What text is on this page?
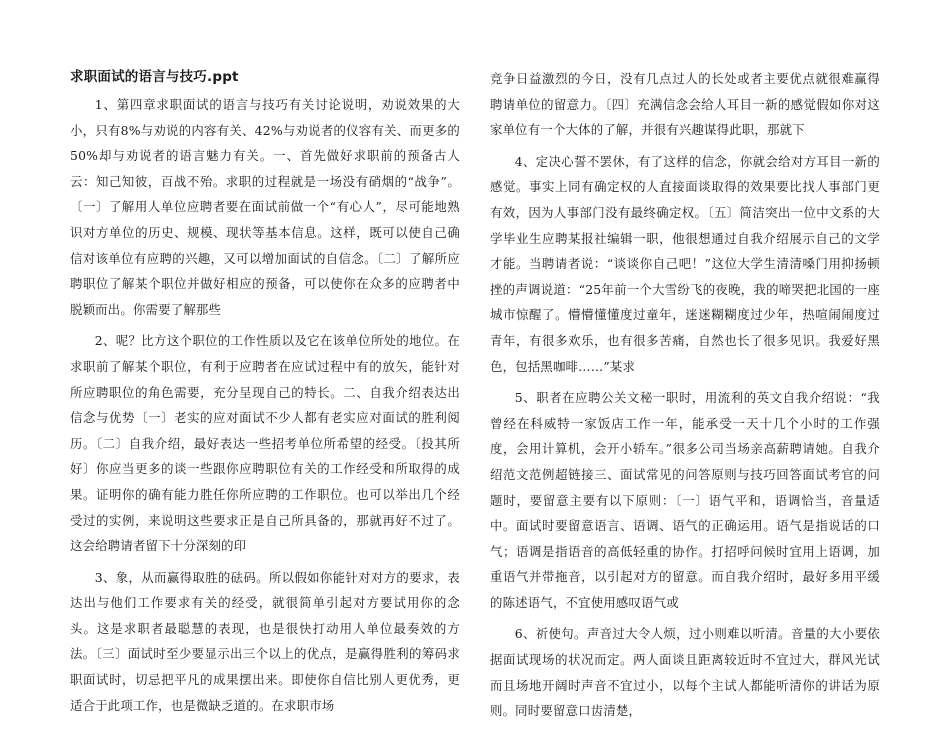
求职面试的语言与技巧.ppt

1、第四章求职面试的语言与技巧有关讨论说明，劝说效果的大小，只有8%与劝说的内容有关、42%与劝说者的仪容有关、而更多的50%却与劝说者的语言魅力有关。一、首先做好求职前的预备古人云：知己知彼，百战不殆。求职的过程就是一场没有硝烟的“战争”。〔一〕了解用人单位应聘者要在面试前做一个“有心人”，尽可能地熟识对方单位的历史、规模、现状等基本信息。这样，既可以使自己确信对该单位有应聘的兴趣，又可以增加面试的自信念。〔二〕了解所应聘职位了解某个职位并做好相应的预备，可以使你在众多的应聘者中脱颖而出。你需要了解那些

2、呢？比方这个职位的工作性质以及它在该单位所处的地位。在求职前了解某个职位，有利于应聘者在应试过程中有的放矢，能针对所应聘职位的角色需要，充分呈现自己的特长。二、自我介绍表达出信念与优势〔一〕老实的应对面试不少人都有老实应对面试的胜利阅历。〔二〕自我介绍，最好表达一些招考单位所希望的经受。〔投其所好〕你应当更多的谈一些跟你应聘职位有关的工作经受和所取得的成果。证明你的确有能力胜任你所应聘的工作职位。也可以举出几个经受过的实例，来说明这些要求正是自己所具备的，那就再好不过了。这会给聘请者留下十分深刻的印

3、象，从而赢得取胜的砝码。所以假如你能针对对方的要求，表达出与他们工作要求有关的经受，就很简单引起对方要试用你的念头。这是求职者最聪慧的表现，也是很快打动用人单位最奏效的方法。〔三〕面试时至少要显示出三个以上的优点，是赢得胜利的筹码求职面试时，切忌把平凡的成果摆出来。即使你自信比别人更优秀，更适合于此项工作，也是微缺乏道的。在求职市场

竞争日益激烈的今日，没有几点过人的长处或者主要优点就很难赢得聘请单位的留意力。〔四〕充满信念会给人耳目一新的感觉假如你对这家单位有一个大体的了解，并很有兴趣谋得此职，那就下

4、定决心誓不罢休，有了这样的信念，你就会给对方耳目一新的感觉。事实上同有确定权的人直接面谈取得的效果要比找人事部门更有效，因为人事部门没有最终确定权。〔五〕简洁突出一位中文系的大学毕业生应聘某报社编辑一职，他很想通过自我介绍展示自己的文学才能。当聘请者说：“谈谈你自己吧！”这位大学生清清嗓门用抑扬顿挫的声调说道：“25年前一个大雪纷飞的夜晚，我的啼哭把北国的一座城市惊醒了。懵懵懂懂度过童年，迷迷糊糊度过少年，热喧闹闹度过青年，有很多欢乐，也有很多苦痛，自然也长了很多见识。我爱好黑色，包括黑咖啡……”某求

5、职者在应聘公关文秘一职时，用流利的英文自我介绍说：“我曾经在科威特一家饭店工作一年，能承受一天十几个小时的工作强度，会用计算机，会开小轿车。”很多公司当场亲高薪聘请她。自我介绍范文范例超链接三、面试常见的问答原则与技巧回答面试考官的问题时，要留意主要有以下原则：〔一〕语气平和，语调恰当，音量适中。面试时要留意语言、语调、语气的正确运用。语气是指说话的口气；语调是指语音的高低轻重的协作。打招呼问候时宜用上语调，加重语气并带拖音，以引起对方的留意。而自我介绍时，最好多用平缓的陈述语气，不宜使用感叹语气或

6、祈使句。声音过大令人烦，过小则难以听清。音量的大小要依据面试现场的状况而定。两人面谈且距离较近时不宜过大，群风光试而且场地开阔时声音不宜过小，以每个主试人都能听清你的讲话为原则。同时要留意口齿清楚，
